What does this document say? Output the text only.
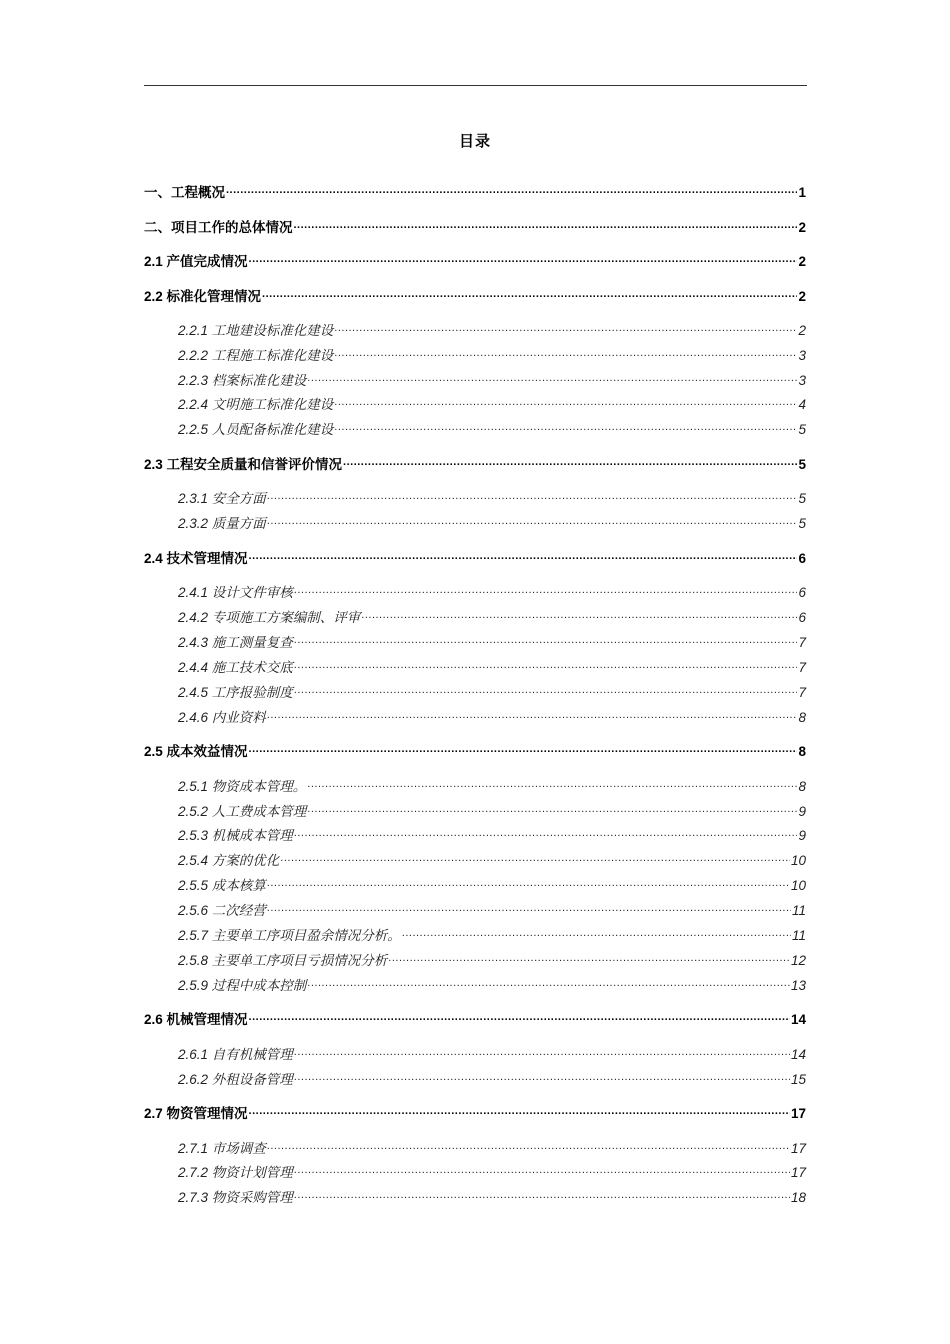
目录
一、工程概况 .....	1
二、项目工作的总体情况 .....	2
2.1 产值完成情况 .....	2
2.2 标准化管理情况 .....	2
2.2.1 工地建设标准化建设 .....	2
2.2.2 工程施工标准化建设 .....	3
2.2.3 档案标准化建设 .....	3
2.2.4 文明施工标准化建设 .....	4
2.2.5 人员配备标准化建设 .....	5
2.3 工程安全质量和信誉评价情况 .....	5
2.3.1 安全方面 .....	5
2.3.2 质量方面 .....	5
2.4 技术管理情况 .....	6
2.4.1 设计文件审核 .....	6
2.4.2 专项施工方案编制、评审 .....	6
2.4.3 施工测量复查 .....	7
2.4.4 施工技术交底 .....	7
2.4.5 工序报验制度 .....	7
2.4.6 内业资料 .....	8
2.5 成本效益情况 .....	8
2.5.1 物资成本管理。 .....	8
2.5.2 人工费成本管理 .....	9
2.5.3 机械成本管理 .....	9
2.5.4 方案的优化 .....	10
2.5.5 成本核算 .....	10
2.5.6 二次经营 .....	11
2.5.7 主要单工序项目盈余情况分析。 .....	11
2.5.8 主要单工序项目亏损情况分析 .....	12
2.5.9 过程中成本控制 .....	13
2.6 机械管理情况 .....	14
2.6.1 自有机械管理 .....	14
2.6.2 外租设备管理 .....	15
2.7 物资管理情况 .....	17
2.7.1 市场调查 .....	17
2.7.2 物资计划管理 .....	17
2.7.3 物资采购管理 .....	18
